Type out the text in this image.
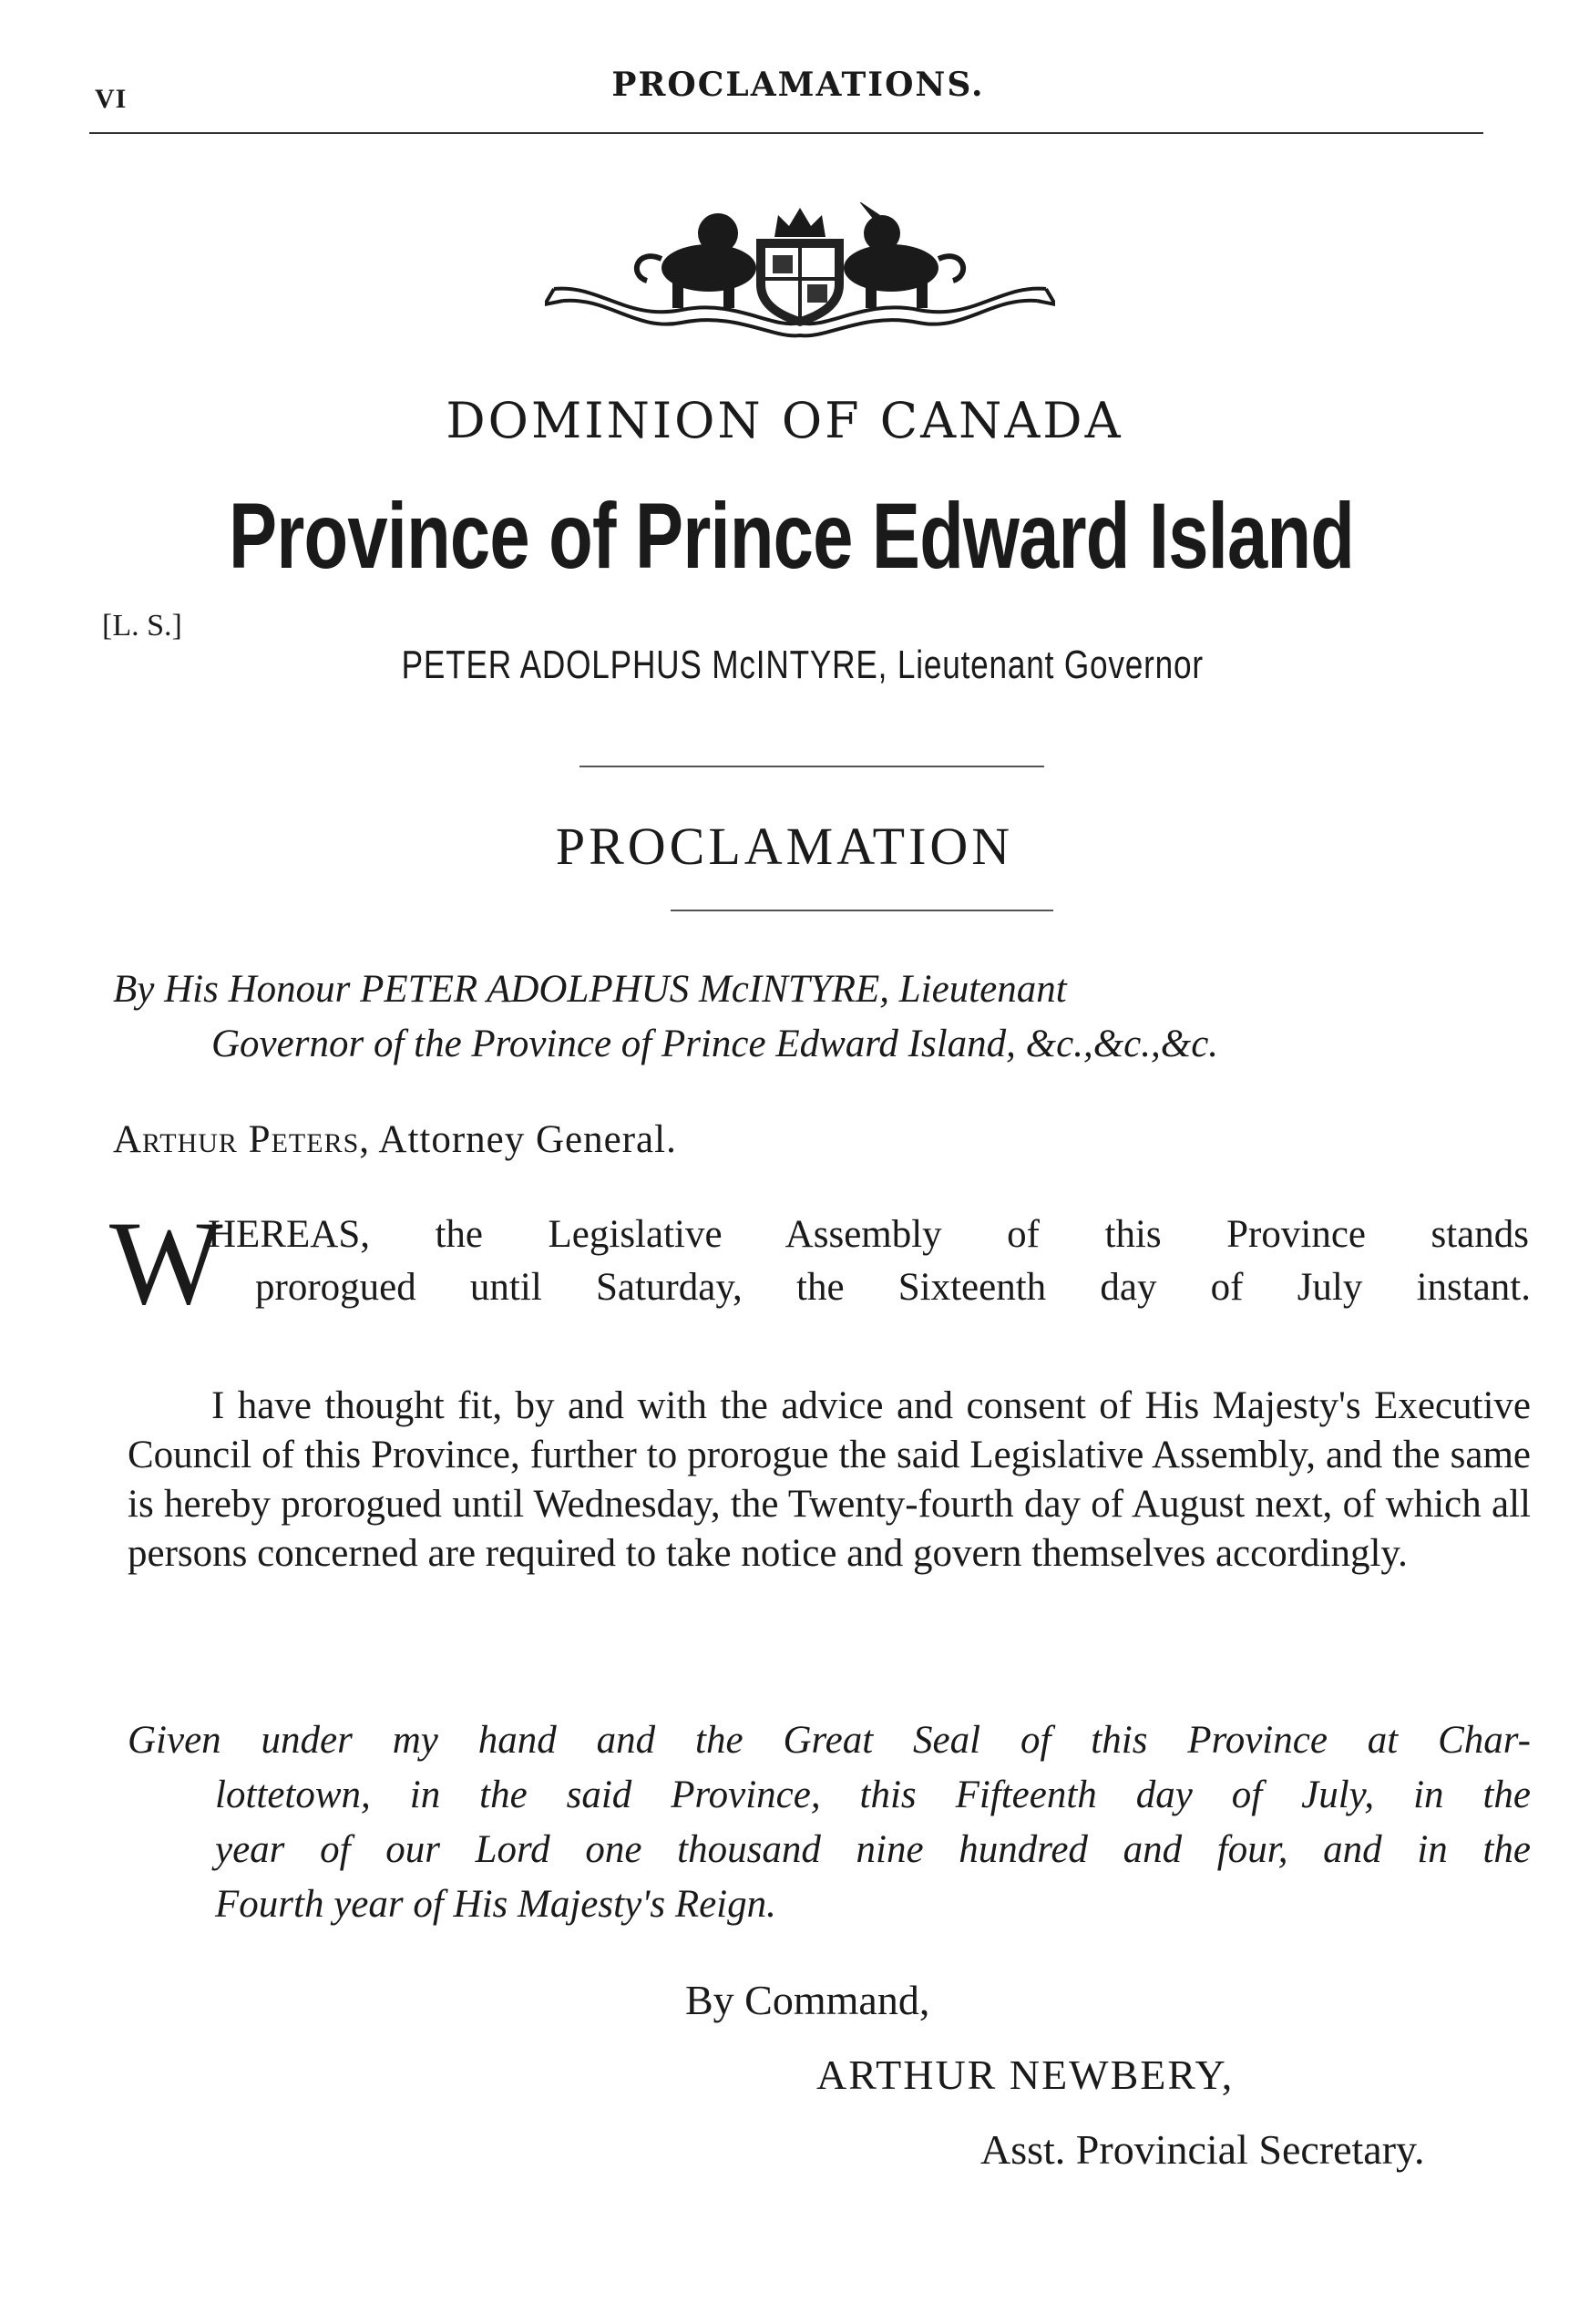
VI	PROCLAMATIONS.
DOMINION OF CANADA
Province of Prince Edward Island
[L. S.]
PETER ADOLPHUS McINTYRE, Lieutenant Governor
PROCLAMATION
By His Honour PETER ADOLPHUS McINTYRE, Lieutenant
Governor of the Province of Prince Edward Island, &c.,&c.,&c.
Arthur Peters, Attorney General.
W
HEREAS, the Legislative Assembly of this Province stands
prorogued until Saturday, the Sixteenth day of July instant.
I have thought fit, by and with the advice and consent of His Majesty's Executive Council of this Province, further to prorogue the said Legislative Assembly, and the same is hereby prorogued until Wednesday, the Twenty-fourth day of August next, of which all persons concerned are required to take notice and govern themselves accordingly.
Given under my hand and the Great Seal of this Province at Char-
lottetown, in the said Province, this Fifteenth day of July, in the
year of our Lord one thousand nine hundred and four, and in the
Fourth year of His Majesty's Reign.
By Command,
ARTHUR NEWBERY,
Asst. Provincial Secretary.
